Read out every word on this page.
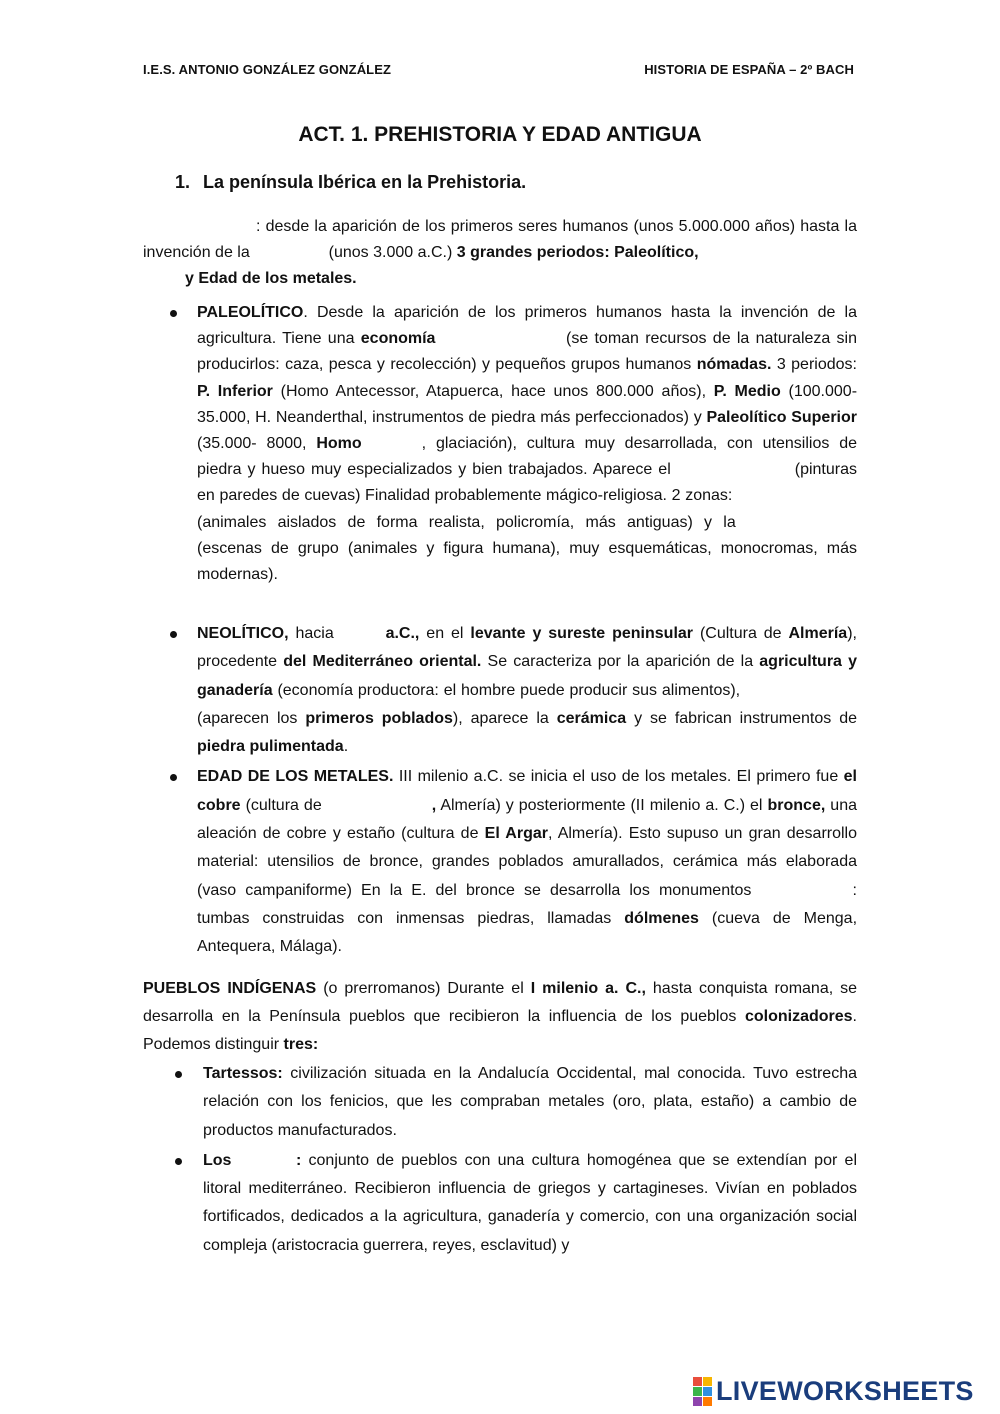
I.E.S. ANTONIO GONZÁLEZ GONZÁLEZ	HISTORIA DE ESPAÑA – 2º BACH
ACT. 1. PREHISTORIA Y EDAD ANTIGUA
1. La península Ibérica en la Prehistoria.

: desde la aparición de los primeros seres humanos (unos 5.000.000 años) hasta la invención de la	(unos 3.000 a.C.) 3 grandes periodos: Paleolítico,
y Edad de los metales.

PALEOLÍTICO. Desde la aparición de los primeros humanos hasta la invención de la agricultura. Tiene una economía	(se toman recursos de la naturaleza sin producirlos: caza, pesca y recolección) y pequeños grupos humanos nómadas. 3 periodos: P. Inferior (Homo Antecessor, Atapuerca, hace unos 800.000 años), P. Medio (100.000-35.000, H. Neanderthal, instrumentos de piedra más perfeccionados) y Paleolítico Superior (35.000- 8000, Homo	, glaciación), cultura muy desarrollada, con utensilios de piedra y hueso muy especializados y bien trabajados. Aparece el	(pinturas en paredes de cuevas) Finalidad probablemente mágico-religiosa. 2 zonas:  (animales aislados de forma realista, policromía, más antiguas) y la  (escenas de grupo (animales y figura humana), muy esquemáticas, monocromas, más modernas).
NEOLÍTICO, hacia	a.C., en el levante y sureste peninsular (Cultura de Almería), procedente del Mediterráneo oriental. Se caracteriza por la aparición de la agricultura y ganadería (economía productora: el hombre puede producir sus alimentos),  (aparecen los primeros poblados), aparece la cerámica y se fabrican instrumentos de piedra pulimentada.
EDAD DE LOS METALES. III milenio a.C. se inicia el uso de los metales. El primero fue el cobre (cultura de	, Almería) y posteriormente (II milenio a. C.) el bronce, una aleación de cobre y estaño (cultura de El Argar, Almería). Esto supuso un gran desarrollo material: utensilios de bronce, grandes poblados amurallados, cerámica más elaborada (vaso campaniforme) En la E. del bronce se desarrolla los monumentos	: tumbas construidas con inmensas piedras, llamadas dólmenes (cueva de Menga, Antequera, Málaga).

PUEBLOS INDÍGENAS (o prerromanos) Durante el I milenio a. C., hasta conquista romana, se desarrolla en la Península pueblos que recibieron la influencia de los pueblos colonizadores. Podemos distinguir tres:

Tartessos: civilización situada en la Andalucía Occidental, mal conocida. Tuvo estrecha relación con los fenicios, que les compraban metales (oro, plata, estaño) a cambio de productos manufacturados.
Los	: conjunto de pueblos con una cultura homogénea que se extendían por el litoral mediterráneo. Recibieron influencia de griegos y cartagineses. Vivían en poblados fortificados, dedicados a la agricultura, ganadería y comercio, con una organización social compleja (aristocracia guerrera, reyes, esclavitud) y
LIVEWORKSHEETS
